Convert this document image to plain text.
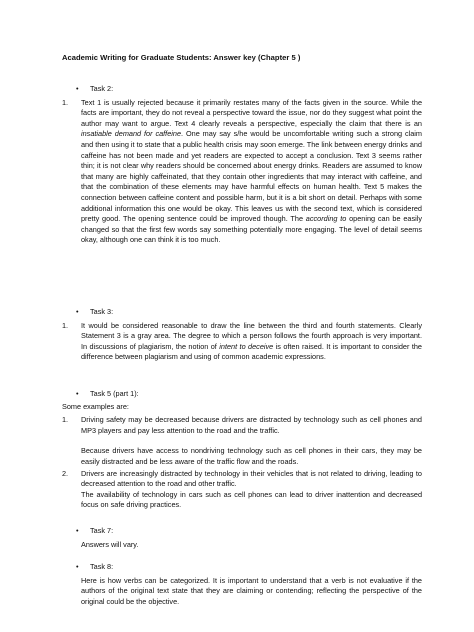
Academic Writing for Graduate Students: Answer key (Chapter 5 )
• Task 2:
1. Text 1 is usually rejected because it primarily restates many of the facts given in the source. While the facts are important, they do not reveal a perspective toward the issue, nor do they suggest what point the author may want to argue. Text 4 clearly reveals a perspective, especially the claim that there is an insatiable demand for caffeine. One may say s/he would be uncomfortable writing such a strong claim and then using it to state that a public health crisis may soon emerge. The link between energy drinks and caffeine has not been made and yet readers are expected to accept a conclusion. Text 3 seems rather thin; it is not clear why readers should be concerned about energy drinks. Readers are assumed to know that many are highly caffeinated, that they contain other ingredients that may interact with caffeine, and that the combination of these elements may have harmful effects on human health. Text 5 makes the connection between caffeine content and possible harm, but it is a bit short on detail. Perhaps with some additional information this one would be okay. This leaves us with the second text, which is considered pretty good. The opening sentence could be improved though. The according to opening can be easily changed so that the first few words say something potentially more engaging. The level of detail seems okay, although one can think it is too much.
• Task 3:
1. It would be considered reasonable to draw the line between the third and fourth statements. Clearly Statement 3 is a gray area. The degree to which a person follows the fourth approach is very important. In discussions of plagiarism, the notion of intent to deceive is often raised. It is important to consider the difference between plagiarism and using of common academic expressions.
• Task 5 (part 1):
Some examples are:
1. Driving safety may be decreased because drivers are distracted by technology such as cell phones and MP3 players and pay less attention to the road and the traffic.
Because drivers have access to nondriving technology such as cell phones in their cars, they may be easily distracted and be less aware of the traffic flow and the roads.
2. Drivers are increasingly distracted by technology in their vehicles that is not related to driving, leading to decreased attention to the road and other traffic.
The availability of technology in cars such as cell phones can lead to driver inattention and decreased focus on safe driving practices.
• Task 7:
Answers will vary.
• Task 8:
Here is how verbs can be categorized. It is important to understand that a verb is not evaluative if the authors of the original text state that they are claiming or contending; reflecting the perspective of the original could be the objective.
